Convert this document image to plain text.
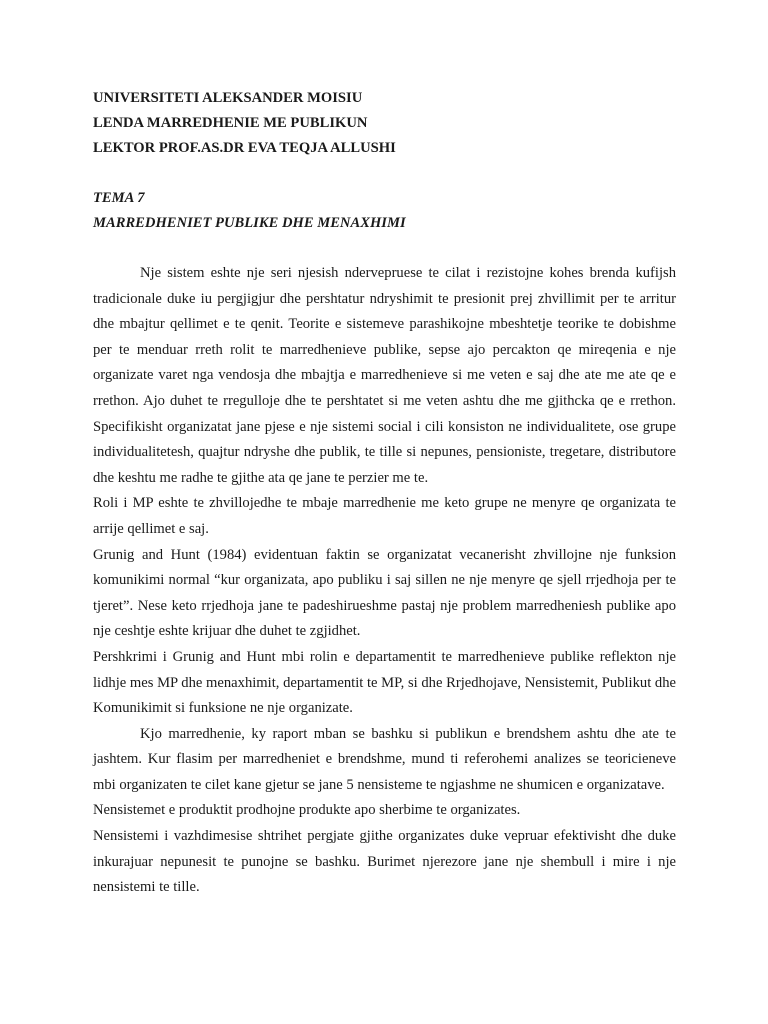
UNIVERSITETI ALEKSANDER MOISIU

LENDA MARREDHENIE ME PUBLIKUN

LEKTOR PROF.AS.DR EVA TEQJA ALLUSHI

TEMA 7

MARREDHENIET PUBLIKE DHE MENAXHIMI

Nje sistem eshte nje seri njesish ndervepruesе te cilat i rezistojne kohes brenda kufijsh tradicionale duke iu pergjigjur dhe pershtatur ndryshimit te presionit prej zhvillimit per te arritur dhe mbajtur qellimet e te qenit. Teorite e sistemeve parashikojne mbeshtetje teorike te dobishme per te menduar rreth rolit te marredhenieve publike, sepse ajo percakton qe mireqenia e nje organizate varet nga vendosja dhe mbajtja e marredhenieve si me veten e saj dhe ate me ate qe e rrethon. Ajo duhet te rregulloje dhe te pershtatet si me veten ashtu dhe me gjithcka qe e rrethon. Specifikisht organizatat jane pjese e nje sistemi social i cili konsiston ne individualitete, ose grupe individualitetesh, quajtur ndryshe dhe publik, te tille si nepunes, pensioniste, tregetare, distributore dhe keshtu me radhe te gjithe ata qe jane te perzier me te.

Roli i MP eshte te zhvillojedhe te mbaje marredhenie me keto grupe ne menyre qe organizata te arrije qellimet e saj.

Grunig and Hunt (1984) evidentuan faktin se organizatat vecanerisht zhvillojne nje funksion komunikimi normal “kur organizata, apo publiku i saj sillen ne nje menyre qe sjell rrjedhoja per te tjeret”. Nese keto rrjedhoja jane te padeshirueshme pastaj nje problem marredheniesh publike apo nje ceshtje eshte krijuar dhe duhet te zgjidhet.

Pershkrimi i Grunig and Hunt mbi rolin e departamentit te marredhenieve publike reflekton nje lidhje mes MP dhe menaxhimit, departamentit te MP, si dhe Rrjedhojave, Nensistemit, Publikut dhe Komunikimit si funksione ne nje organizate.

Kjo marredhenie, ky raport mban se bashku si publikun e brendshem ashtu dhe ate te jashtem. Kur flasim per marredheniet e brendshme, mund ti referohemi analizes se teoricieneve mbi organizaten te cilet kane gjetur se jane 5 nensisteme te ngjashme ne shumicen e organizatave.

Nensistemet e produktit prodhojne produkte apo sherbime te organizates.

Nensistemi i vazhdimesise shtrihet pergjate gjithe organizates duke vepruar efektivisht dhe duke inkurajuar nepunesit te punojne se bashku. Burimet njerezore jane nje shembull i mire i nje nensistemi te tille.
